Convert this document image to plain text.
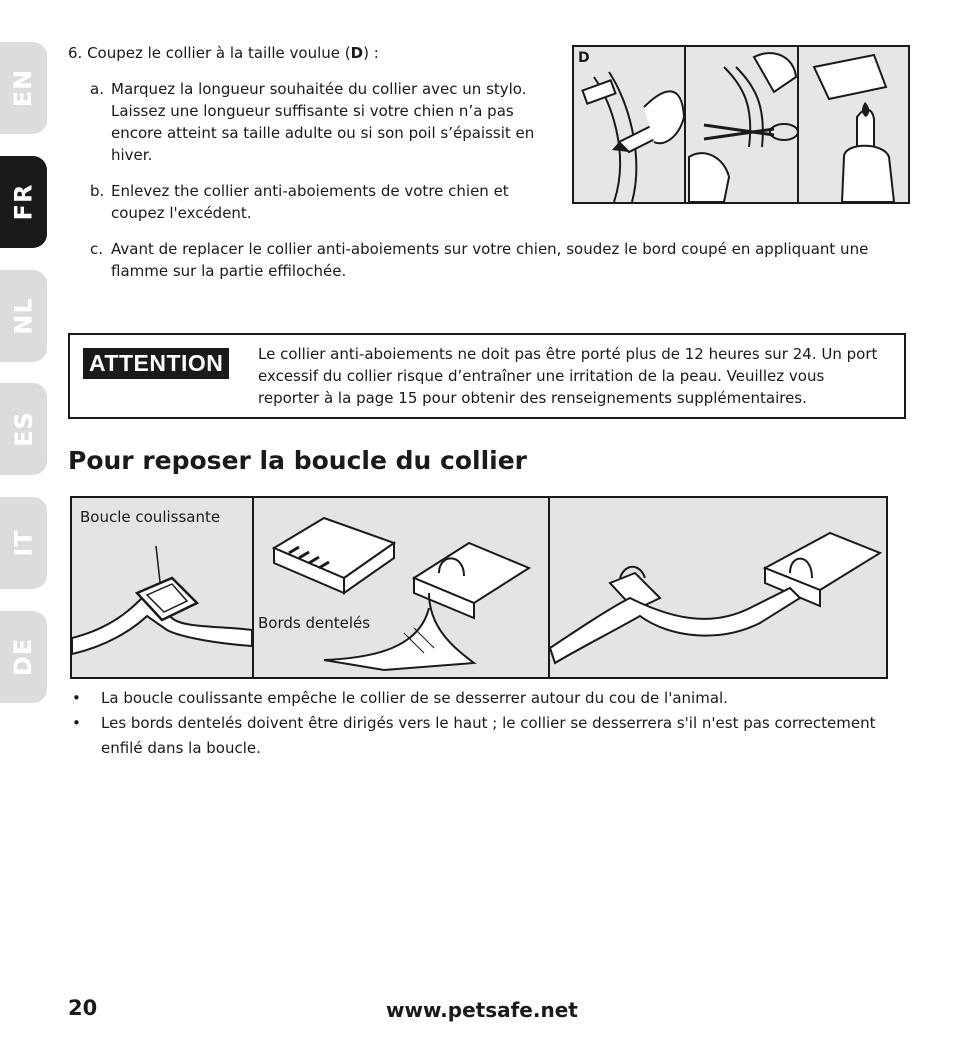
EN
FR
NL
ES
IT
DE
6. Coupez le collier à la taille voulue (D) :
a. Marquez la longueur souhaitée du collier avec un stylo. Laissez une longueur suffisante si votre chien n’a pas encore atteint sa taille adulte ou si son poil s’épaissit en hiver.
b. Enlevez the collier anti-aboiements de votre chien et coupez l'excédent.
c. Avant de replacer le collier anti-aboiements sur votre chien, soudez le bord coupé en appliquant une flamme sur la partie effilochée.
D
ATTENTION	Le collier anti-aboiements ne doit pas être porté plus de 12 heures sur 24. Un port excessif du collier risque d’entraîner une irritation de la peau. Veuillez vous reporter à la page 15 pour obtenir des renseignements supplémentaires.
Pour reposer la boucle du collier
Boucle coulissante
Bords dentelés
• La boucle coulissante empêche le collier de se desserrer autour du cou de l'animal.
• Les bords dentelés doivent être dirigés vers le haut ; le collier se desserrera s'il n'est pas correctement enfilé dans la boucle.
20	www.petsafe.net
